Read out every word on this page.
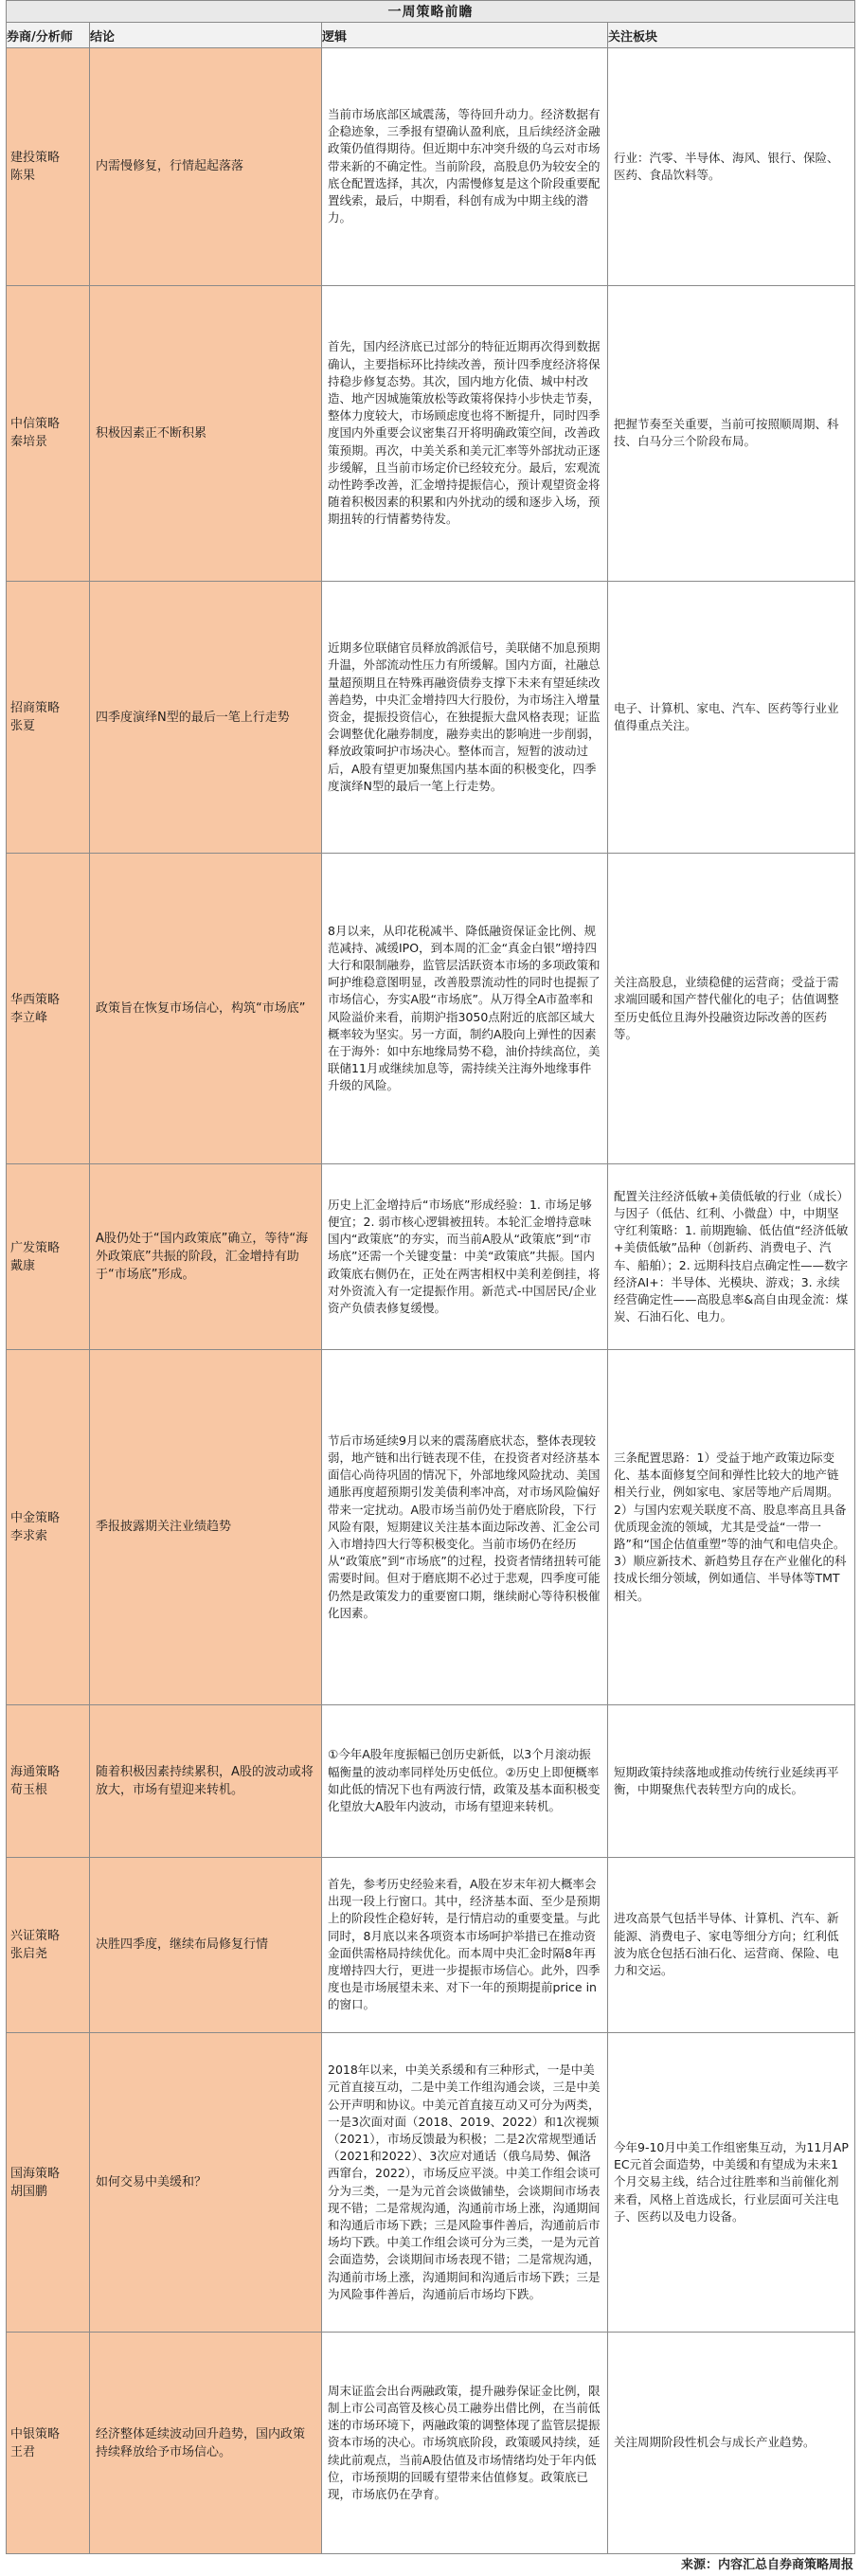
一周策略前瞻			
券商/分析师	结论	逻辑	关注板块

建投策略
陈果	内需慢修复，行情起起落落	当前市场底部区域震荡，等待回升动力。经济数据有企稳迹象，三季报有望确认盈利底，且后续经济金融政策仍值得期待。但近期中东冲突升级的乌云对市场带来新的不确定性。当前阶段，高股息仍为较安全的底仓配置选择，其次，内需慢修复是这个阶段重要配置线索，最后，中期看，科创有成为中期主线的潜力。	行业：汽零、半导体、海风、银行、保险、医药、食品饮料等。

中信策略
秦培景	积极因素正不断积累	首先，国内经济底已过部分的特征近期再次得到数据确认，主要指标环比持续改善，预计四季度经济将保持稳步修复态势。其次，国内地方化债、城中村改造、地产因城施策放松等政策将保持小步快走节奏，整体力度较大，市场顾虑度也将不断提升，同时四季度国内外重要会议密集召开将明确政策空间，改善政策预期。再次，中美关系和美元汇率等外部扰动正逐步缓解，且当前市场定价已经较充分。最后，宏观流动性跨季改善，汇金增持提振信心，预计观望资金将随着积极因素的积累和内外扰动的缓和逐步入场，预期扭转的行情蓄势待发。	把握节奏至关重要，当前可按照顺周期、科技、白马分三个阶段布局。

招商策略
张夏	四季度演绎N型的最后一笔上行走势	近期多位联储官员释放鸽派信号，美联储不加息预期升温，外部流动性压力有所缓解。国内方面，社融总量超预期且在特殊再融资债券支撑下未来有望延续改善趋势，中央汇金增持四大行股份，为市场注入增量资金，提振投资信心，在独提振大盘风格表现；证监会调整优化融券制度，融券卖出的影响进一步削弱，释放政策呵护市场决心。整体而言，短暂的波动过后，A股有望更加聚焦国内基本面的积极变化，四季度演绎N型的最后一笔上行走势。	电子、计算机、家电、汽车、医药等行业业值得重点关注。

华西策略
李立峰	政策旨在恢复市场信心，构筑“市场底”	8月以来，从印花税减半、降低融资保证金比例、规范减持、减缓IPO，到本周的汇金“真金白银”增持四大行和限制融券，监管层活跃资本市场的多项政策和呵护维稳意图明显，改善股票流动性的同时也提振了市场信心，夯实A股“市场底”。从万得全A市盈率和风险溢价来看，前期沪指3050点附近的底部区域大概率较为坚实。另一方面，制约A股向上弹性的因素在于海外：如中东地缘局势不稳，油价持续高位，美联储11月或继续加息等，需持续关注海外地缘事件升级的风险。	关注高股息，业绩稳健的运营商；受益于需求端回暖和国产替代催化的电子；估值调整至历史低位且海外投融资边际改善的医药等。

广发策略
戴康	A股仍处于“国内政策底”确立，等待“海外政策底”共振的阶段，汇金增持有助于“市场底”形成。	历史上汇金增持后“市场底”形成经验：1. 市场足够便宜；2. 弱市核心逻辑被扭转。本轮汇金增持意味国内“政策底”的夯实，而当前A股从“政策底”到“市场底”还需一个关键变量：中美“政策底”共振。国内政策底右侧仍在，正处在两害相权中美利差倒挂，将对外资流入有一定提振作用。新范式-中国居民/企业资产负债表修复缓慢。	配置关注经济低敏+美债低敏的行业（成长）与因子（低估、红利、小微盘）中，中期坚守红利策略：1. 前期跑输、低估值“经济低敏+美债低敏”品种（创新药、消费电子、汽车、船舶）；2. 远期科技启点确定性——数字经济AI+：半导体、光模块、游戏；3. 永续经营确定性——高股息率&高自由现金流：煤炭、石油石化、电力。

中金策略
李求索	季报披露期关注业绩趋势	节后市场延续9月以来的震荡磨底状态，整体表现较弱，地产链和出行链表现不佳，在投资者对经济基本面信心尚待巩固的情况下，外部地缘风险扰动、美国通胀再度超预期引发美债利率冲高，对市场风险偏好带来一定扰动。A股市场当前仍处于磨底阶段，下行风险有限，短期建议关注基本面边际改善、汇金公司入市增持四大行等积极变化。当前市场仍在经历从“政策底”到“市场底”的过程，投资者情绪扭转可能需要时间。但对于磨底期不必过于悲观，四季度可能仍然是政策发力的重要窗口期，继续耐心等待积极催化因素。	三条配置思路：1）受益于地产政策边际变化、基本面修复空间和弹性比较大的地产链相关行业，例如家电、家居等地产后周期。2）与国内宏观关联度不高、股息率高且具备优质现金流的领域，尤其是受益“一带一路”和“国企估值重塑”等的油气和电信央企。3）顺应新技术、新趋势且存在产业催化的科技成长细分领域，例如通信、半导体等TMT相关。

海通策略
荀玉根	随着积极因素持续累积，A股的波动或将放大，市场有望迎来转机。	①今年A股年度振幅已创历史新低，以3个月滚动振幅衡量的波动率同样处历史低位。②历史上即便概率如此低的情况下也有两波行情，政策及基本面积极变化望放大A股年内波动，市场有望迎来转机。	短期政策持续落地或推动传统行业延续再平衡，中期聚焦代表转型方向的成长。

兴证策略
张启尧	决胜四季度，继续布局修复行情	首先，参考历史经验来看，A股在岁末年初大概率会出现一段上行窗口。其中，经济基本面、至少是预期上的阶段性企稳好转，是行情启动的重要变量。与此同时，8月底以来各项资本市场呵护举措已在推动资金面供需格局持续优化。而本周中央汇金时隔8年再度增持四大行，更进一步提振市场信心。此外，四季度也是市场展望未来、对下一年的预期提前price in的窗口。	进攻高景气包括半导体、计算机、汽车、新能源、消费电子、家电等细分方向；红利低波为底仓包括石油石化、运营商、保险、电力和交运。

国海策略
胡国鹏	如何交易中美缓和？	2018年以来，中美关系缓和有三种形式，一是中美元首直接互动，二是中美工作组沟通会谈，三是中美公开声明和协议。中美元首直接互动又可分为两类，一是3次面对面（2018、2019、2022）和1次视频（2021），市场反馈最为积极；二是2次常规型通话（2021和2022）、3次应对通话（俄乌局势、佩洛西窜台，2022），市场反应平淡。中美工作组会谈可分为三类，一是为元首会谈做铺垫，会谈期间市场表现不错；二是常规沟通，沟通前市场上涨，沟通期间和沟通后市场下跌；三是风险事件善后，沟通前后市场均下跌。中美工作组会谈可分为三类，一是为元首会面造势，会谈期间市场表现不错；二是常规沟通，沟通前市场上涨，沟通期间和沟通后市场下跌；三是为风险事件善后，沟通前后市场均下跌。	今年9-10月中美工作组密集互动，为11月APEC元首会面造势，中美缓和有望成为未来1个月交易主线，结合过往胜率和当前催化剂来看，风格上首选成长，行业层面可关注电子、医药以及电力设备。

中银策略
王君	经济整体延续波动回升趋势，国内政策持续释放给予市场信心。	周末证监会出台两融政策，提升融券保证金比例，限制上市公司高管及核心员工融券出借比例，在当前低迷的市场环境下，两融政策的调整体现了监管层提振资本市场的决心。市场筑底阶段，政策暖风持续，延续此前观点，当前A股估值及市场情绪均处于年内低位，市场预期的回暖有望带来估值修复。政策底已现，市场底仍在孕育。	关注周期阶段性机会与成长产业趋势。
来源：内容汇总自券商策略周报
